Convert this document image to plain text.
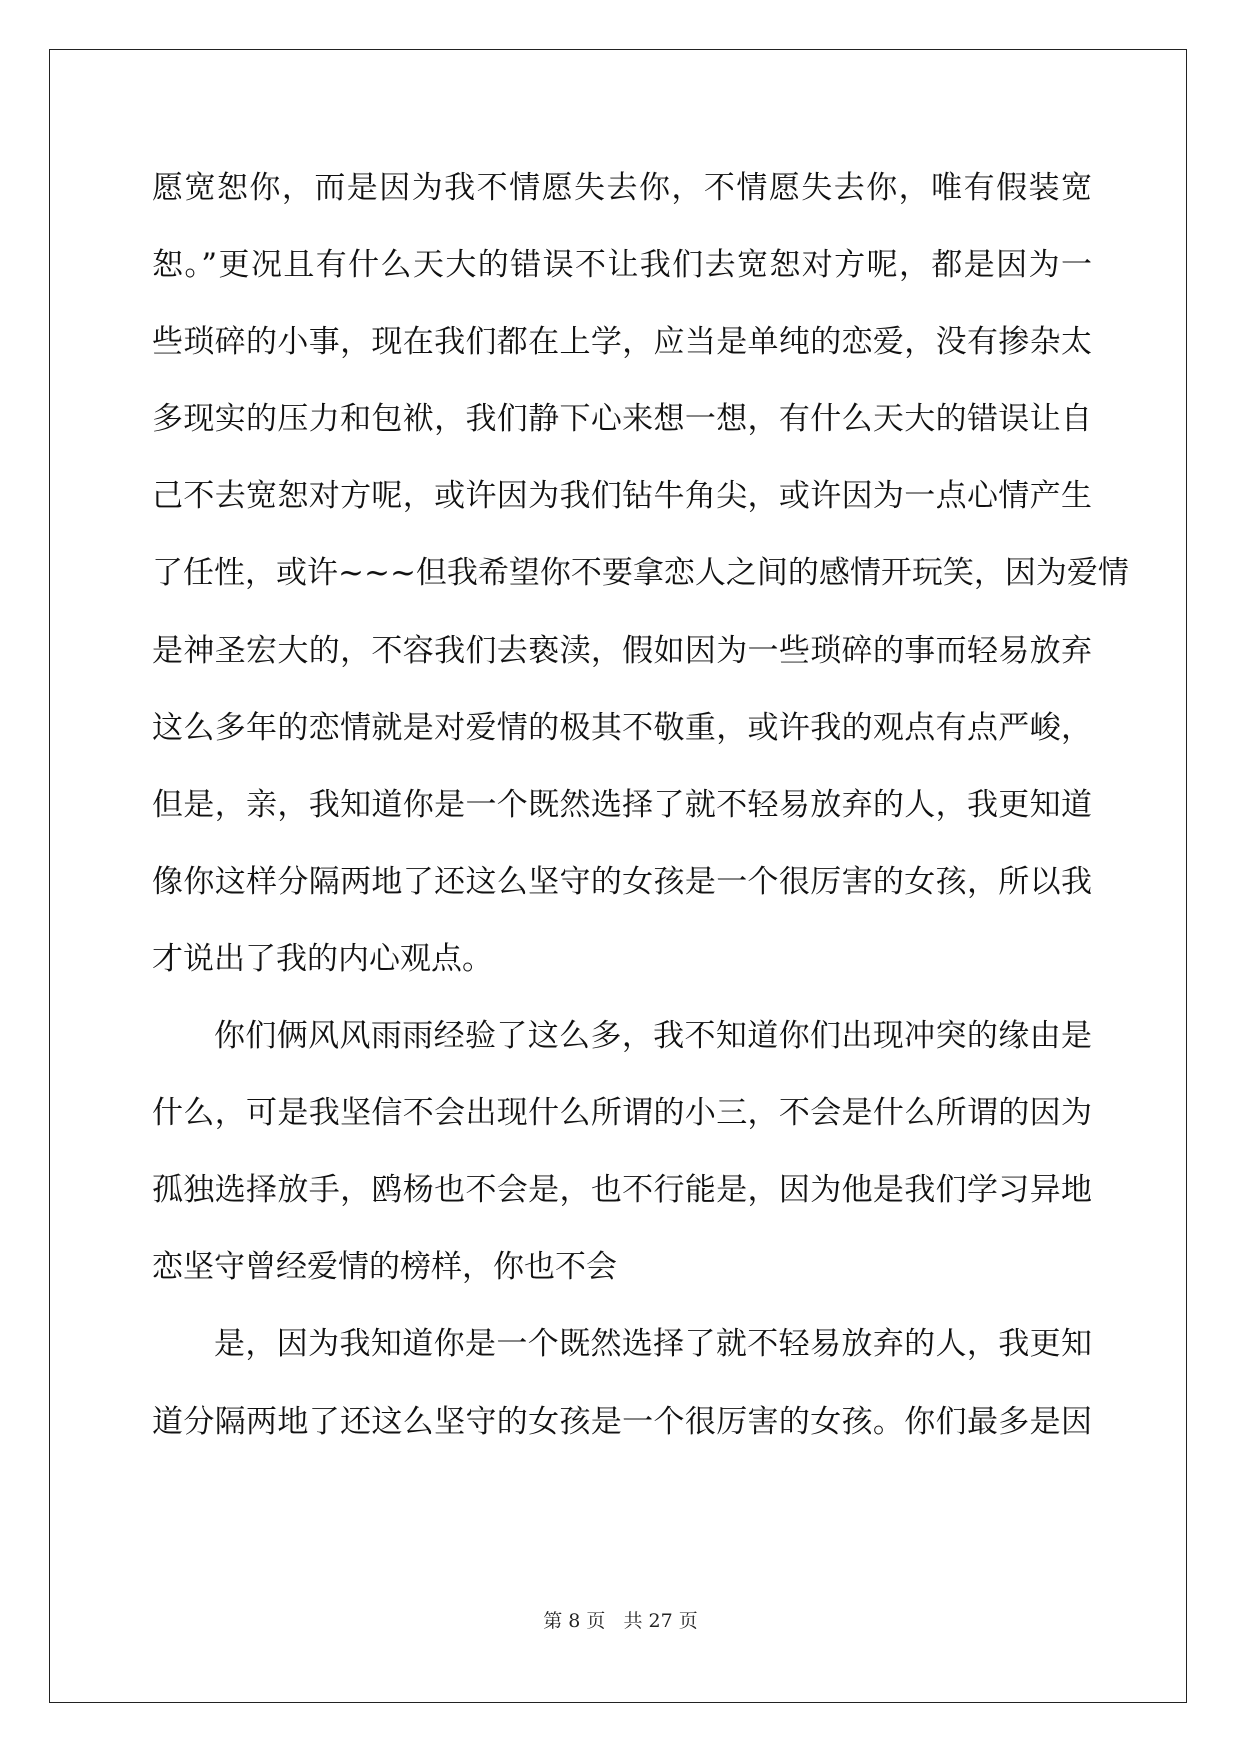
愿宽恕你，而是因为我不情愿失去你，不情愿失去你，唯有假装宽
恕。”更况且有什么天大的错误不让我们去宽恕对方呢，都是因为一
些琐碎的小事，现在我们都在上学，应当是单纯的恋爱，没有掺杂太
多现实的压力和包袱，我们静下心来想一想，有什么天大的错误让自
己不去宽恕对方呢，或许因为我们钻牛角尖，或许因为一点心情产生
了任性，或许~~~但我希望你不要拿恋人之间的感情开玩笑，因为爱情
是神圣宏大的，不容我们去亵渎，假如因为一些琐碎的事而轻易放弃
这么多年的恋情就是对爱情的极其不敬重，或许我的观点有点严峻，
但是，亲，我知道你是一个既然选择了就不轻易放弃的人，我更知道
像你这样分隔两地了还这么坚守的女孩是一个很厉害的女孩，所以我
才说出了我的内心观点。
你们俩风风雨雨经验了这么多，我不知道你们出现冲突的缘由是
什么，可是我坚信不会出现什么所谓的小三，不会是什么所谓的因为
孤独选择放手，鸥杨也不会是，也不行能是，因为他是我们学习异地
恋坚守曾经爱情的榜样，你也不会
是，因为我知道你是一个既然选择了就不轻易放弃的人，我更知
道分隔两地了还这么坚守的女孩是一个很厉害的女孩。你们最多是因
第 8 页 共 27 页
